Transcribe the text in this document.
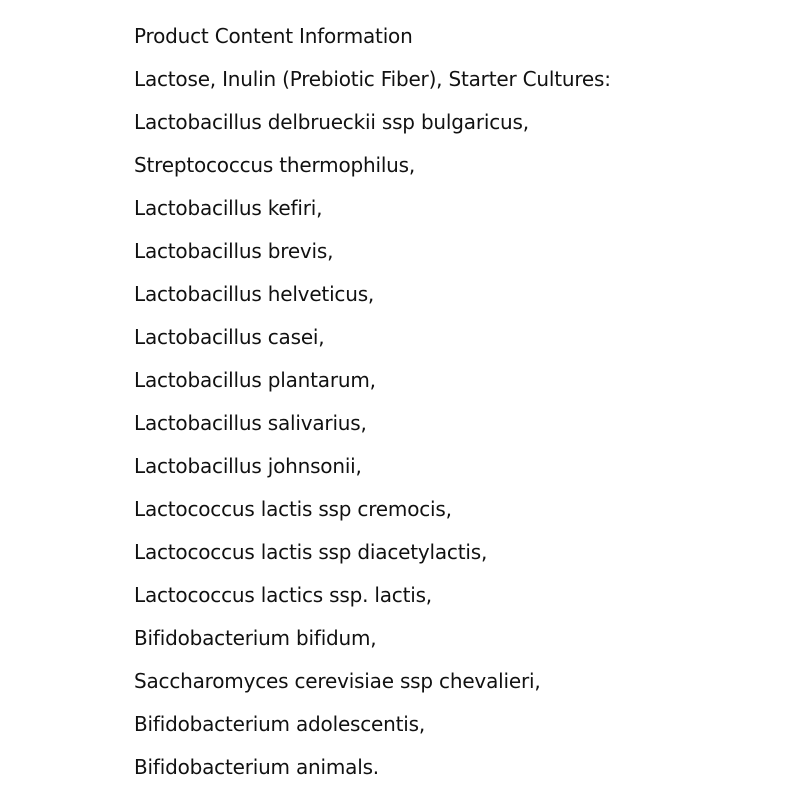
Product Content Information

Lactose, Inulin (Prebiotic Fiber), Starter Cultures:

Lactobacillus delbrueckii ssp bulgaricus,

Streptococcus thermophilus,

Lactobacillus kefiri,

Lactobacillus brevis,

Lactobacillus helveticus,

Lactobacillus casei,

Lactobacillus plantarum,

Lactobacillus salivarius,

Lactobacillus johnsonii,

Lactococcus lactis ssp cremocis,

Lactococcus lactis ssp diacetylactis,

Lactococcus lactics ssp. lactis,

Bifidobacterium bifidum,

Saccharomyces cerevisiae ssp chevalieri,

Bifidobacterium adolescentis,

Bifidobacterium animals.
